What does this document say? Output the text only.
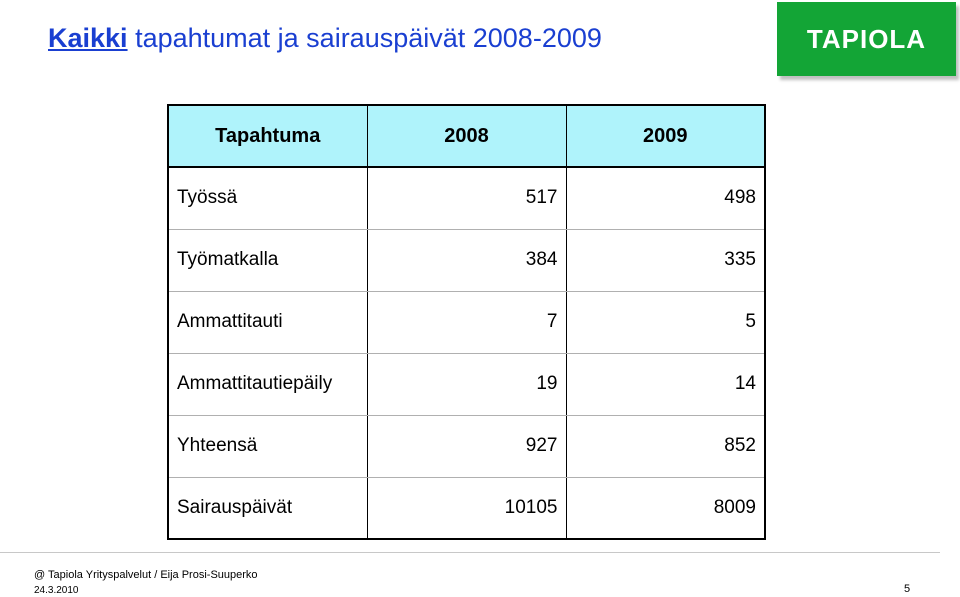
Kaikki tapahtumat ja sairauspäivät 2008-2009	TAPIOLA
Tapahtuma	2008	2009
Työssä	517	498
Työmatkalla	384	335
Ammattitauti	7	5
Ammattitautiepäily	19	14
Yhteensä	927	852
Sairauspäivät	10105	8009
@ Tapiola Yrityspalvelut / Eija Prosi-Suuperko
24.3.2010	5
